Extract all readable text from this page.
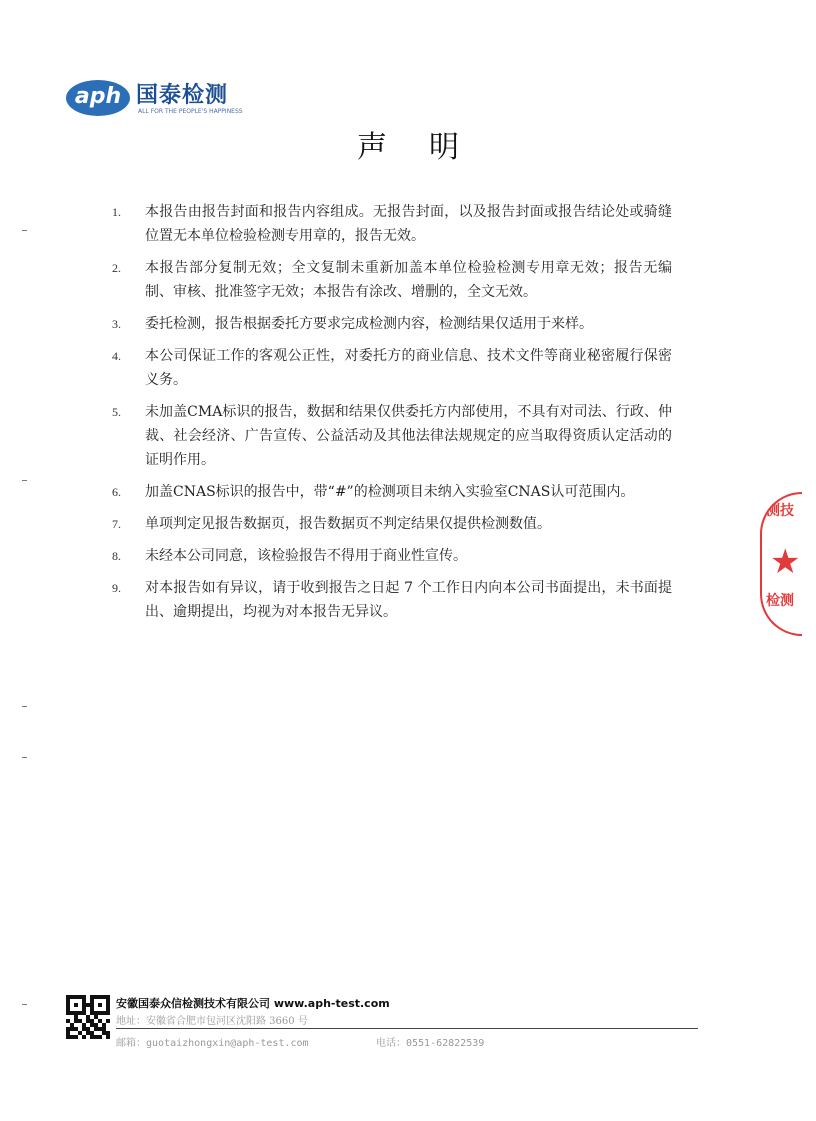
aph 国泰检测
ALL FOR THE PEOPLE'S HAPPINESS
声明
1. 本报告由报告封面和报告内容组成。无报告封面，以及报告封面或报告结论处或骑缝位置无本单位检验检测专用章的，报告无效。
2. 本报告部分复制无效；全文复制未重新加盖本单位检验检测专用章无效；报告无编制、审核、批准签字无效；本报告有涂改、增删的，全文无效。
3. 委托检测，报告根据委托方要求完成检测内容，检测结果仅适用于来样。
4. 本公司保证工作的客观公正性，对委托方的商业信息、技术文件等商业秘密履行保密义务。
5. 未加盖CMA标识的报告，数据和结果仅供委托方内部使用，不具有对司法、行政、仲裁、社会经济、广告宣传、公益活动及其他法律法规规定的应当取得资质认定活动的证明作用。
6. 加盖CNAS标识的报告中，带“#”的检测项目未纳入实验室CNAS认可范围内。
7. 单项判定见报告数据页，报告数据页不判定结果仅提供检测数值。
8. 未经本公司同意，该检验报告不得用于商业性宣传。
9. 对本报告如有异议，请于收到报告之日起 7 个工作日内向本公司书面提出，未书面提出、逾期提出，均视为对本报告无异议。
测技
★
检测
安徽国泰众信检测技术有限公司 www.aph-test.com
地址：安徽省合肥市包河区沈阳路 3660 号
邮箱：guotaizhongxin@aph-test.com	电话：0551-62822539
